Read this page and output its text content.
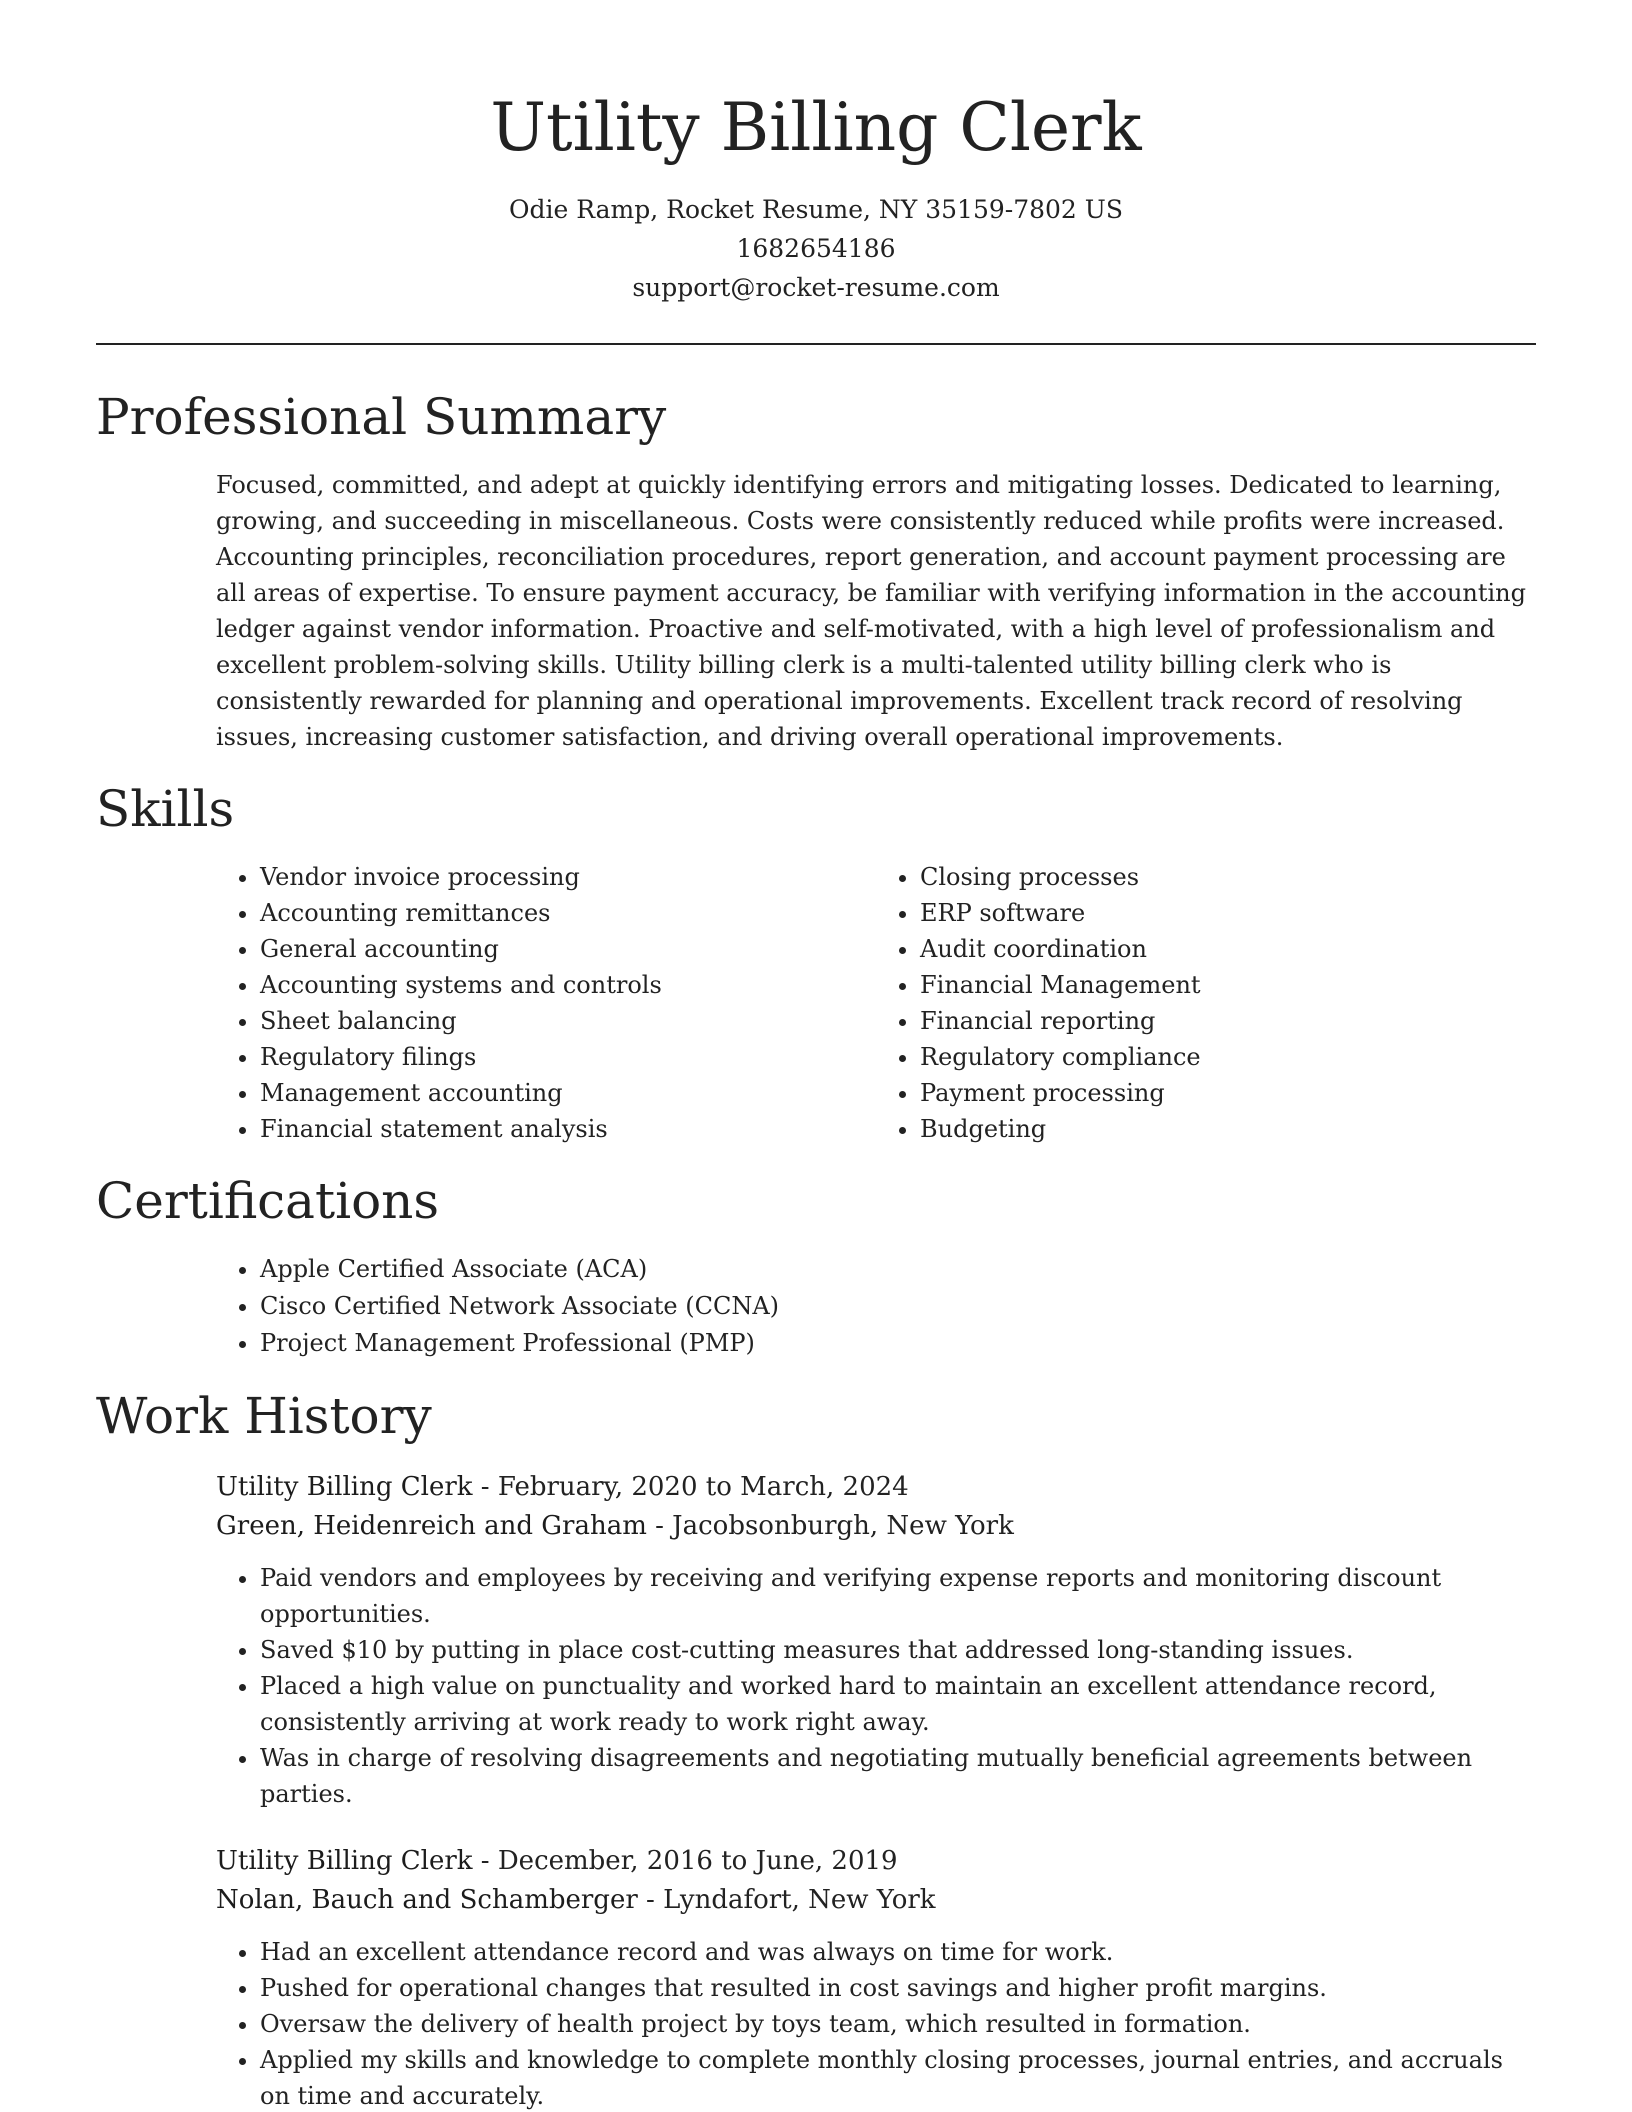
Utility Billing Clerk
Odie Ramp, Rocket Resume, NY 35159-7802 US
1682654186
support@rocket-resume.com
Professional Summary

Focused, committed, and adept at quickly identifying errors and mitigating losses. Dedicated to learning, growing, and succeeding in miscellaneous. Costs were consistently reduced while profits were increased. Accounting principles, reconciliation procedures, report generation, and account payment processing are all areas of expertise. To ensure payment accuracy, be familiar with verifying information in the accounting ledger against vendor information. Proactive and self-motivated, with a high level of professionalism and excellent problem-solving skills. Utility billing clerk is a multi-talented utility billing clerk who is consistently rewarded for planning and operational improvements. Excellent track record of resolving issues, increasing customer satisfaction, and driving overall operational improvements.

Skills
• Vendor invoice processing
• Accounting remittances
• General accounting
• Accounting systems and controls
• Sheet balancing
• Regulatory filings
• Management accounting
• Financial statement analysis
• Closing processes
• ERP software
• Audit coordination
• Financial Management
• Financial reporting
• Regulatory compliance
• Payment processing
• Budgeting
Certifications
• Apple Certified Associate (ACA)
• Cisco Certified Network Associate (CCNA)
• Project Management Professional (PMP)
Work History
Utility Billing Clerk - February, 2020 to March, 2024
Green, Heidenreich and Graham - Jacobsonburgh, New York
• Paid vendors and employees by receiving and verifying expense reports and monitoring discount opportunities.
• Saved $10 by putting in place cost-cutting measures that addressed long-standing issues.
• Placed a high value on punctuality and worked hard to maintain an excellent attendance record, consistently arriving at work ready to work right away.
• Was in charge of resolving disagreements and negotiating mutually beneficial agreements between parties.
Utility Billing Clerk - December, 2016 to June, 2019
Nolan, Bauch and Schamberger - Lyndafort, New York
• Had an excellent attendance record and was always on time for work.
• Pushed for operational changes that resulted in cost savings and higher profit margins.
• Oversaw the delivery of health project by toys team, which resulted in formation.
• Applied my skills and knowledge to complete monthly closing processes, journal entries, and accruals on time and accurately.
